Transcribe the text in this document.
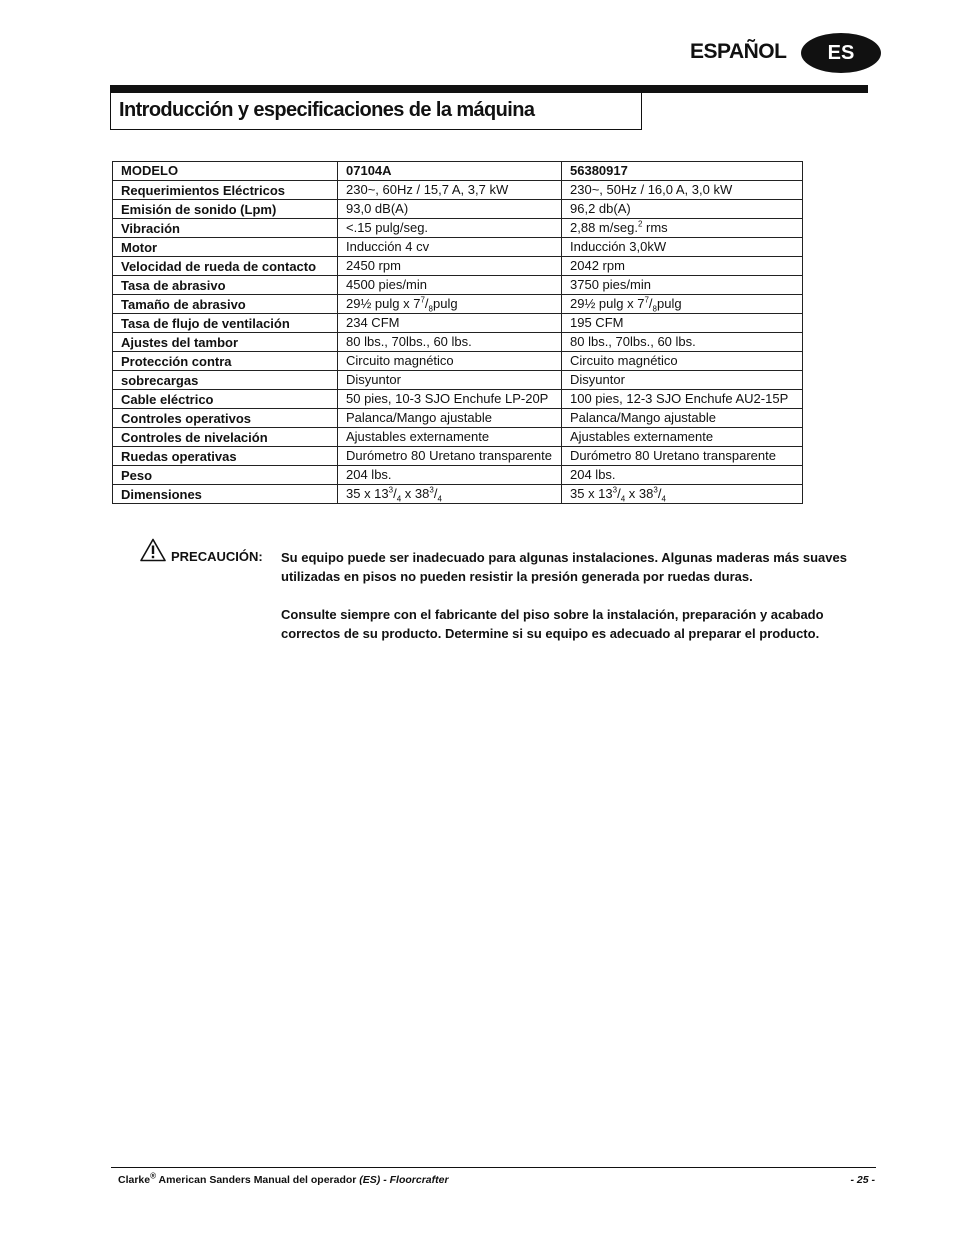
ESPAÑOL	ES
Introducción y especificaciones de la máquina
MODELO	07104A	56380917
Requerimientos Eléctricos	230~, 60Hz / 15,7 A, 3,7 kW	230~, 50Hz / 16,0 A, 3,0 kW
Emisión de sonido (Lpm)	93,0 dB(A)	96,2 db(A)
Vibración	<.15 pulg/seg.	2,88 m/seg.$^2$ rms
Motor	Inducción 4 cv	Inducción 3,0kW
Velocidad de rueda de contacto	2450 rpm	2042 rpm
Tasa de abrasivo	4500 pies/min	3750 pies/min
Tamaño de abrasivo	29½ pulg x $7^7/_8pulg$	29½ pulg x $7^7/_8pulg$
Tasa de flujo de ventilación	234 CFM	195 CFM
Ajustes del tambor	80 lbs., 70lbs., 60 lbs.	80 lbs., 70lbs., 60 lbs.
Protección contra	Circuito magnético	Circuito magnético
sobrecargas	Disyuntor	Disyuntor
Cable eléctrico	50 pies, 10-3 SJO Enchufe LP-20P	100 pies, 12-3 SJO Enchufe AU2-15P
Controles operativos	Palanca/Mango ajustable	Palanca/Mango ajustable
Controles de nivelación	Ajustables externamente	Ajustables externamente
Ruedas operativas	Durómetro 80 Uretano transparente	Durómetro 80 Uretano transparente
Peso	204 lbs.	204 lbs.
Dimensiones	35 x $13^3/_4$ x $38^3/_4$	35 x $13^3/_4$ x $38^3/_4$
PRECAUCIÓN: Su equipo puede ser inadecuado para algunas instalaciones. Algunas maderas más suaves utilizadas en pisos no pueden resistir la presión generada por ruedas duras.

Consulte siempre con el fabricante del piso sobre la instalación, preparación y acabado correctos de su producto. Determine si su equipo es adecuado al preparar el producto.

Clarke® American Sanders Manual del operador (ES) - Floorcrafter	- 25 -
